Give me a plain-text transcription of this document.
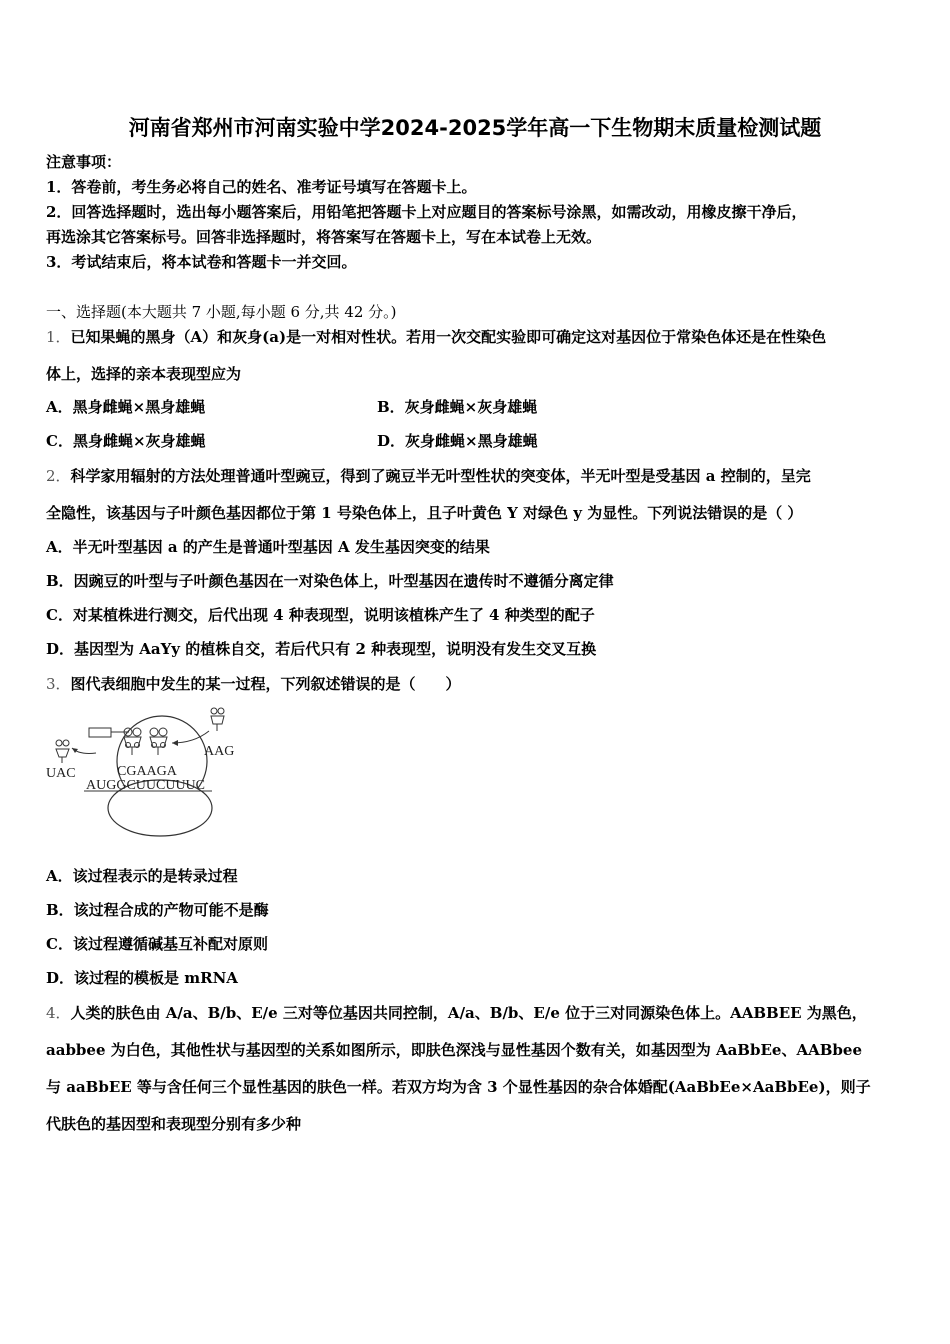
河南省郑州市河南实验中学2024-2025学年高一下生物期末质量检测试题
注意事项：
1．答卷前，考生务必将自己的姓名、准考证号填写在答题卡上。
2．回答选择题时，选出每小题答案后，用铅笔把答题卡上对应题目的答案标号涂黑，如需改动，用橡皮擦干净后，
再选涂其它答案标号。回答非选择题时，将答案写在答题卡上，写在本试卷上无效。
3．考试结束后，将本试卷和答题卡一并交回。
一、选择题(本大题共 7 小题,每小题 6 分,共 42 分。)
1．已知果蝇的黑身（A）和灰身(a)是一对相对性状。若用一次交配实验即可确定这对基因位于常染色体还是在性染色
体上，选择的亲本表现型应为
A．黑身雌蝇×黑身雄蝇	B．灰身雌蝇×灰身雄蝇
C．黑身雌蝇×灰身雄蝇	D．灰身雌蝇×黑身雄蝇
2．科学家用辐射的方法处理普通叶型豌豆，得到了豌豆半无叶型性状的突变体，半无叶型是受基因 a 控制的，呈完
全隐性，该基因与子叶颜色基因都位于第 1 号染色体上，且子叶黄色 Y 对绿色 y 为显性。下列说法错误的是（ ）
A．半无叶型基因 a 的产生是普通叶型基因 A 发生基因突变的结果
B．因豌豆的叶型与子叶颜色基因在一对染色体上，叶型基因在遗传时不遵循分离定律
C．对某植株进行测交，后代出现 4 种表现型，说明该植株产生了 4 种类型的配子
D．基因型为 AaYy 的植株自交，若后代只有 2 种表现型，说明没有发生交叉互换
3．图代表细胞中发生的某一过程，下列叙述错误的是（　　）
UAC
AAG
CGAAGA
AUGGCUUCUUUC
A．该过程表示的是转录过程
B．该过程合成的产物可能不是酶
C．该过程遵循碱基互补配对原则
D．该过程的模板是 mRNA
4．人类的肤色由 A/a、B/b、E/e 三对等位基因共同控制，A/a、B/b、E/e 位于三对同源染色体上。AABBEE 为黑色，
aabbee 为白色，其他性状与基因型的关系如图所示，即肤色深浅与显性基因个数有关，如基因型为 AaBbEe、AABbee
与 aaBbEE 等与含任何三个显性基因的肤色一样。若双方均为含 3 个显性基因的杂合体婚配(AaBbEe×AaBbEe)，则子
代肤色的基因型和表现型分别有多少种
